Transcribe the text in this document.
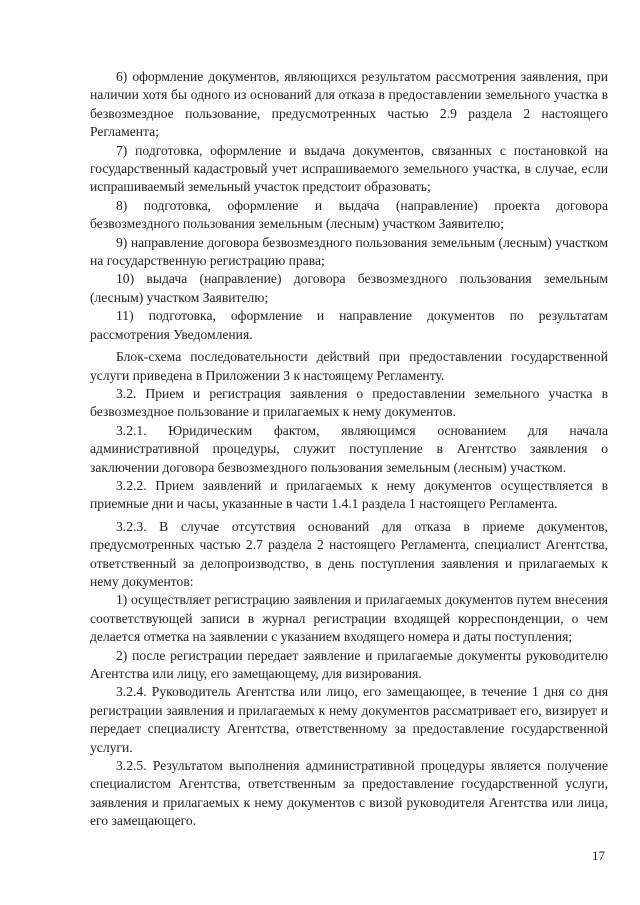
6) оформление документов, являющихся результатом рассмотрения заявления, при наличии хотя бы одного из оснований для отказа в предоставлении земельного участка в безвозмездное пользование, предусмотренных частью 2.9 раздела 2 настоящего Регламента;

7) подготовка, оформление и выдача документов, связанных с постановкой на государственный кадастровый учет испрашиваемого земельного участка, в случае, если испрашиваемый земельный участок предстоит образовать;

8) подготовка, оформление и выдача (направление) проекта договора безвозмездного пользования земельным (лесным) участком Заявителю;

9) направление договора безвозмездного пользования земельным (лесным) участком на государственную регистрацию права;

10) выдача (направление) договора безвозмездного пользования земельным (лесным) участком Заявителю;

11) подготовка, оформление и направление документов по результатам рассмотрения Уведомления.

Блок-схема последовательности действий при предоставлении государственной услуги приведена в Приложении 3 к настоящему Регламенту.

3.2. Прием и регистрация заявления о предоставлении земельного участка в безвозмездное пользование и прилагаемых к нему документов.

3.2.1. Юридическим фактом, являющимся основанием для начала административной процедуры, служит поступление в Агентство заявления о заключении договора безвозмездного пользования земельным (лесным) участком.

3.2.2. Прием заявлений и прилагаемых к нему документов осуществляется в приемные дни и часы, указанные в части 1.4.1 раздела 1 настоящего Регламента.

3.2.3. В случае отсутствия оснований для отказа в приеме документов, предусмотренных частью 2.7 раздела 2 настоящего Регламента, специалист Агентства, ответственный за делопроизводство, в день поступления заявления и прилагаемых к нему документов:

1) осуществляет регистрацию заявления и прилагаемых документов путем внесения соответствующей записи в журнал регистрации входящей корреспонденции, о чем делается отметка на заявлении с указанием входящего номера и даты поступления;

2) после регистрации передает заявление и прилагаемые документы руководителю Агентства или лицу, его замещающему, для визирования.

3.2.4. Руководитель Агентства или лицо, его замещающее, в течение 1 дня со дня регистрации заявления и прилагаемых к нему документов рассматривает его, визирует и передает специалисту Агентства, ответственному за предоставление государственной услуги.

3.2.5. Результатом выполнения административной процедуры является получение специалистом Агентства, ответственным за предоставление государственной услуги, заявления и прилагаемых к нему документов с визой руководителя Агентства или лица, его замещающего.

17
